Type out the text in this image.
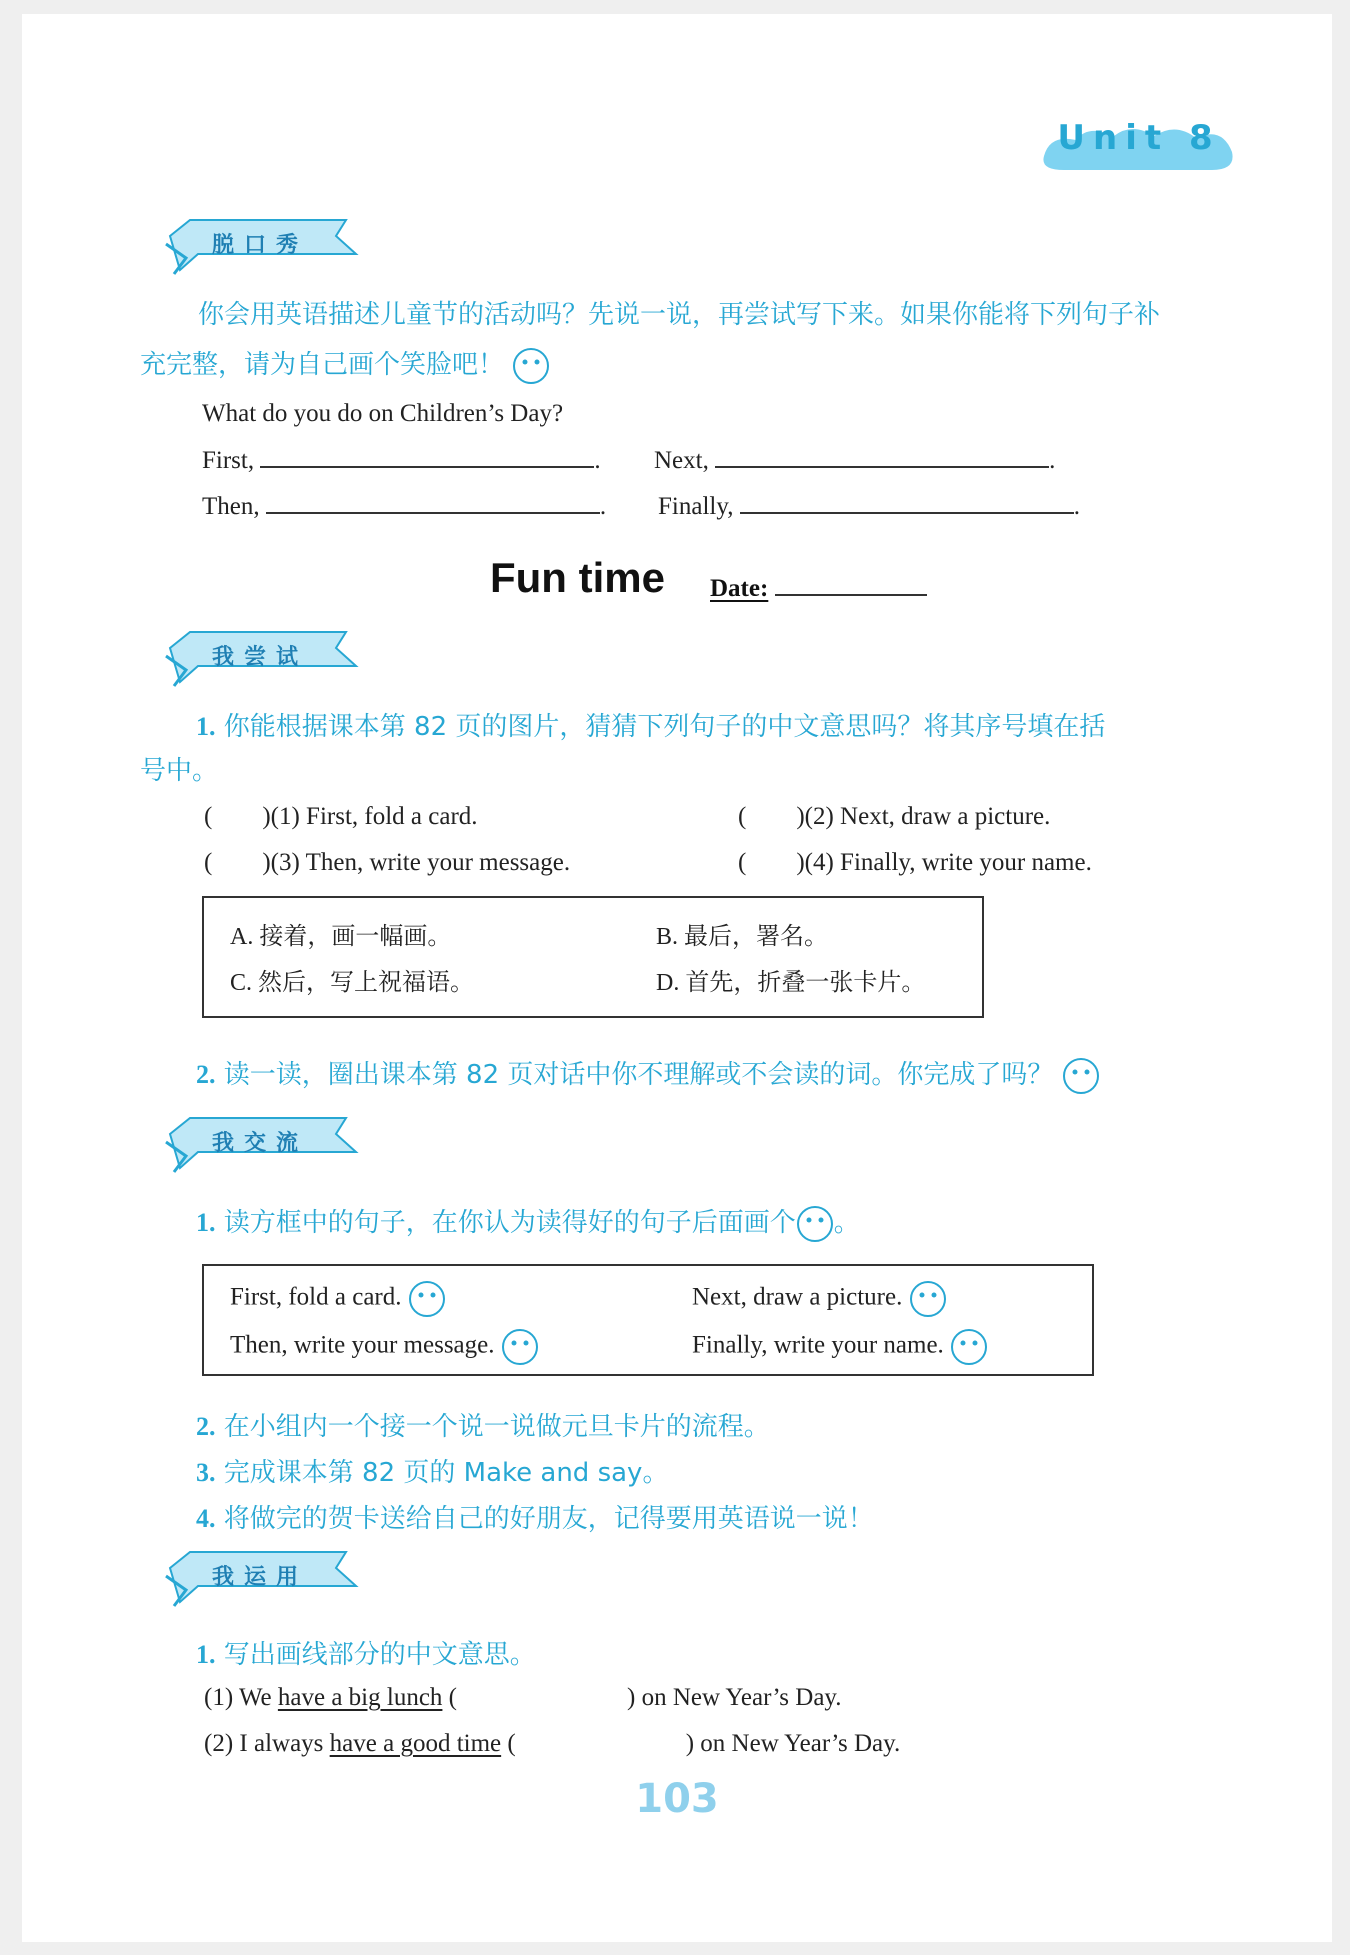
Unit 8
脱口秀
你会用英语描述儿童节的活动吗？先说一说，再尝试写下来。如果你能将下列句子补
充完整，请为自己画个笑脸吧！
What do you do on Children’s Day?
First,	. Next,	.
Then,	. Finally,	.
Fun time Date:
我尝试
1. 你能根据课本第 82 页的图片，猜猜下列句子的中文意思吗？将其序号填在括
号中。
(　　)(1) First, fold a card.	(　　)(2) Next, draw a picture.
(　　)(3) Then, write your message.	(　　)(4) Finally, write your name.
A. 接着，画一幅画。	B. 最后，署名。
C. 然后，写上祝福语。	D. 首先，折叠一张卡片。
2. 读一读，圈出课本第 82 页对话中你不理解或不会读的词。你完成了吗？
我交流
1. 读方框中的句子，在你认为读得好的句子后面画个 。
First, fold a card.	Next, draw a picture.
Then, write your message.	Finally, write your name.
2. 在小组内一个接一个说一说做元旦卡片的流程。
3. 完成课本第 82 页的 Make and say。
4. 将做完的贺卡送给自己的好朋友，记得要用英语说一说！
我运用
1. 写出画线部分的中文意思。
(1) We have a big lunch (	) on New Year’s Day.
(2) I always have a good time (	) on New Year’s Day.
103
